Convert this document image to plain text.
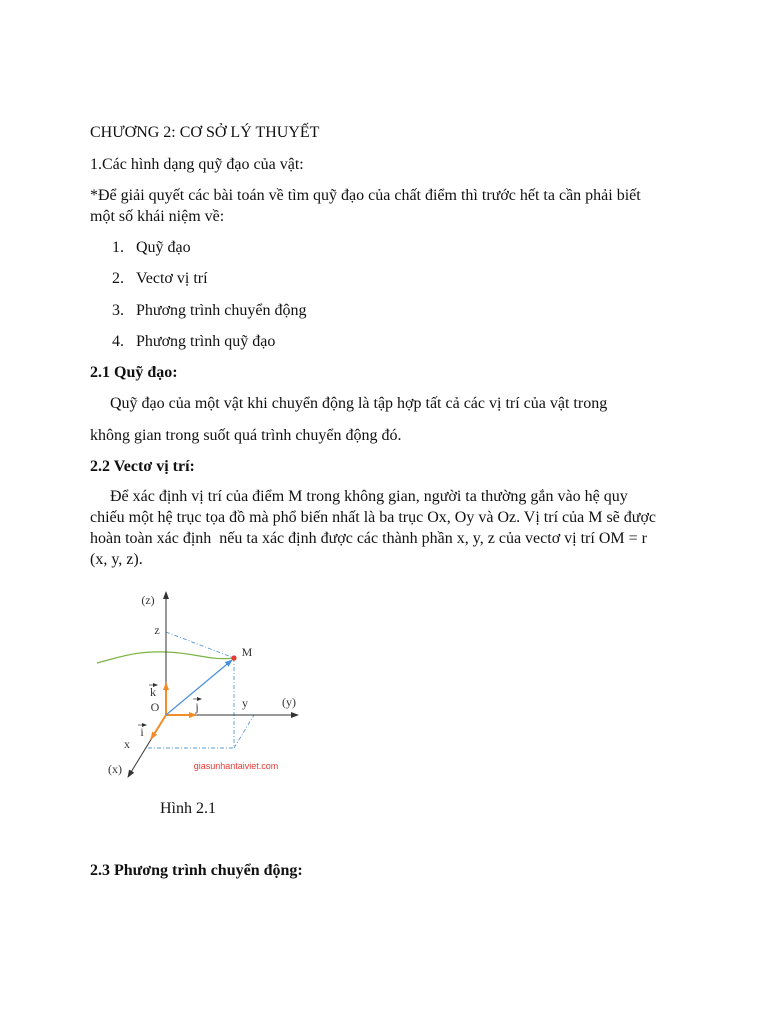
CHƯƠNG 2: CƠ SỞ LÝ THUYẾT
1.Các hình dạng quỹ đạo của vật:
*Để giải quyết các bài toán về tìm quỹ đạo của chất điểm thì trước hết ta cần phải biết
một số khái niệm về:
1. Quỹ đạo
2. Vectơ vị trí
3. Phương trình chuyển động
4. Phương trình quỹ đạo
2.1 Quỹ đạo:
Quỹ đạo của một vật khi chuyển động là tập hợp tất cả các vị trí của vật trong
không gian trong suốt quá trình chuyển động đó.
2.2 Vectơ vị trí:
Để xác định vị trí của điểm M trong không gian, người ta thường gắn vào hệ quy
chiếu một hệ trục tọa đồ mà phổ biến nhất là ba trục Ox, Oy và Oz. Vị trí của M sẽ được
hoàn toàn xác định  nếu ta xác định được các thành phần x, y, z của vectơ vị trí OM = r
(x, y, z).
(z)
z
M
k
O	j	y	(y)
i
x
(x)	giasunhantaiviet.com
Hình 2.1
2.3 Phương trình chuyển động:
